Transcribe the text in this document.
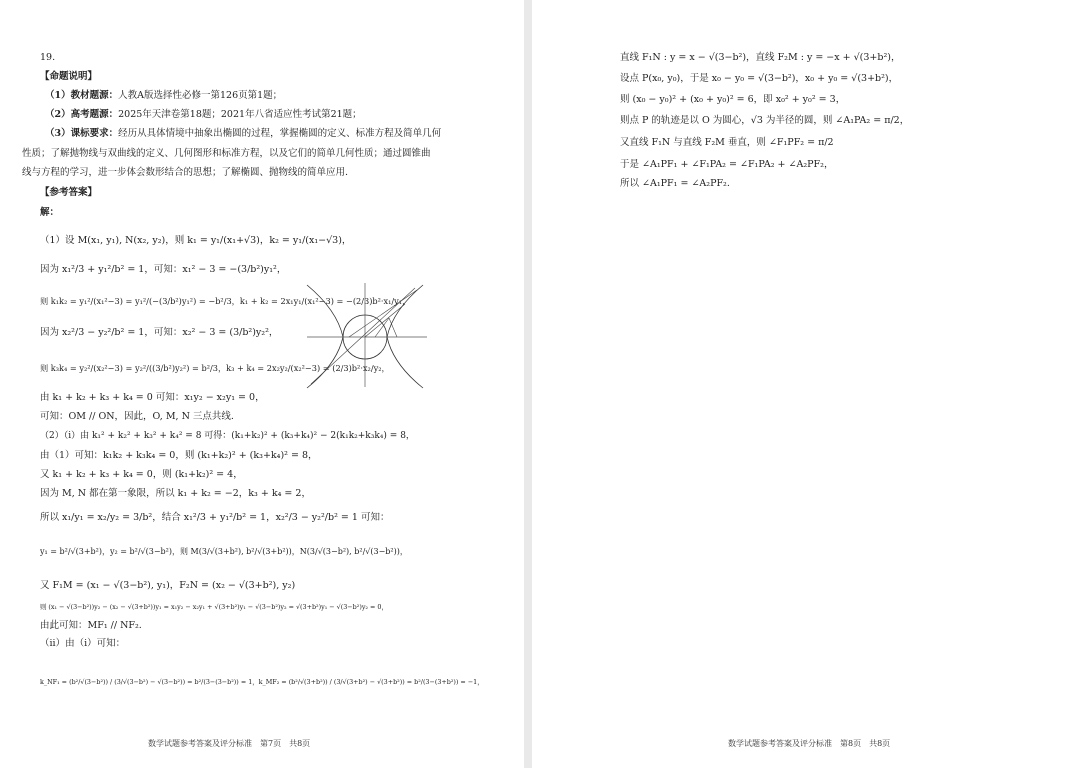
19.
【命题说明】
（1）教材题源：人教A版选择性必修一第126页第1题；
（2）高考题源：2025年天津卷第18题；2021年八省适应性考试第21题；
（3）课标要求：经历从具体情境中抽象出椭圆的过程，掌握椭圆的定义、标准方程及简单几何
性质；了解抛物线与双曲线的定义、几何图形和标准方程，以及它们的简单几何性质；通过圆锥曲
线与方程的学习，进一步体会数形结合的思想；了解椭圆、抛物线的简单应用.
【参考答案】
解：
（1）设 M(x₁, y₁), N(x₂, y₂)，则 k₁ = y₁/(x₁+√3)，k₂ = y₁/(x₁−√3)，
因为 x₁²/3 + y₁²/b² = 1，可知：x₁² − 3 = −(3/b²)y₁²，
则 k₁k₂ = y₁²/(x₁²−3) = y₁²/(−(3/b²)y₁²) = −b²/3，k₁ + k₂ = 2x₁y₁/(x₁²−3) = −(2/3)b²·x₁/y₁，
因为 x₂²/3 − y₂²/b² = 1，可知：x₂² − 3 = (3/b²)y₂²，
则 k₃k₄ = y₂²/(x₂²−3) = y₂²/((3/b²)y₂²) = b²/3，k₃ + k₄ = 2x₂y₂/(x₂²−3) = (2/3)b²·x₂/y₂，
由 k₁ + k₂ + k₃ + k₄ = 0 可知：x₁y₂ − x₂y₁ = 0，
可知：OM // ON，因此，O, M, N 三点共线.
（2）（i）由 k₁² + k₂² + k₃² + k₄² = 8 可得：(k₁+k₂)² + (k₃+k₄)² − 2(k₁k₂+k₃k₄) = 8，
由（1）可知：k₁k₂ + k₃k₄ = 0，则 (k₁+k₂)² + (k₃+k₄)² = 8，
又 k₁ + k₂ + k₃ + k₄ = 0，则 (k₁+k₂)² = 4，
因为 M, N 都在第一象限，所以 k₁ + k₂ = −2，k₃ + k₄ = 2，
所以 x₁/y₁ = x₂/y₂ = 3/b²，结合 x₁²/3 + y₁²/b² = 1，x₂²/3 − y₂²/b² = 1 可知：
y₁ = b²/√(3+b²)，y₂ = b²/√(3−b²)，则 M(3/√(3+b²), b²/√(3+b²))，N(3/√(3−b²), b²/√(3−b²))，
又 F₁M = (x₁ − √(3−b²), y₁)，F₂N = (x₂ − √(3+b²), y₂)
则 (x₁ − √(3−b²))y₂ − (x₂ − √(3+b²))y₁ = x₁y₂ − x₂y₁ + √(3+b²)y₁ − √(3−b²)y₂ = √(3+b²)y₁ − √(3−b²)y₂ = 0，
由此可知：MF₁ // NF₂.
（ii）由（i）可知：
k_NF₁ = (b²/√(3−b²)) / (3/√(3−b²) − √(3−b²)) = b²/(3−(3−b²)) = 1，k_MF₂ = (b²/√(3+b²)) / (3/√(3+b²) − √(3+b²)) = b²/(3−(3+b²)) = −1，
数学试题参考答案及评分标准　第7页　共8页
直线 F₁N : y = x − √(3−b²)，直线 F₂M : y = −x + √(3+b²)，
设点 P(x₀, y₀)，于是 x₀ − y₀ = √(3−b²)，x₀ + y₀ = √(3+b²)，
则 (x₀ − y₀)² + (x₀ + y₀)² = 6，即 x₀² + y₀² = 3，
则点 P 的轨迹是以 O 为圆心，√3 为半径的圆，则 ∠A₁PA₂ = π/2，
又直线 F₁N 与直线 F₂M 垂直，则 ∠F₁PF₂ = π/2
于是 ∠A₁PF₁ + ∠F₁PA₂ = ∠F₁PA₂ + ∠A₂PF₂，
所以 ∠A₁PF₁ = ∠A₂PF₂.
数学试题参考答案及评分标准　第8页　共8页
